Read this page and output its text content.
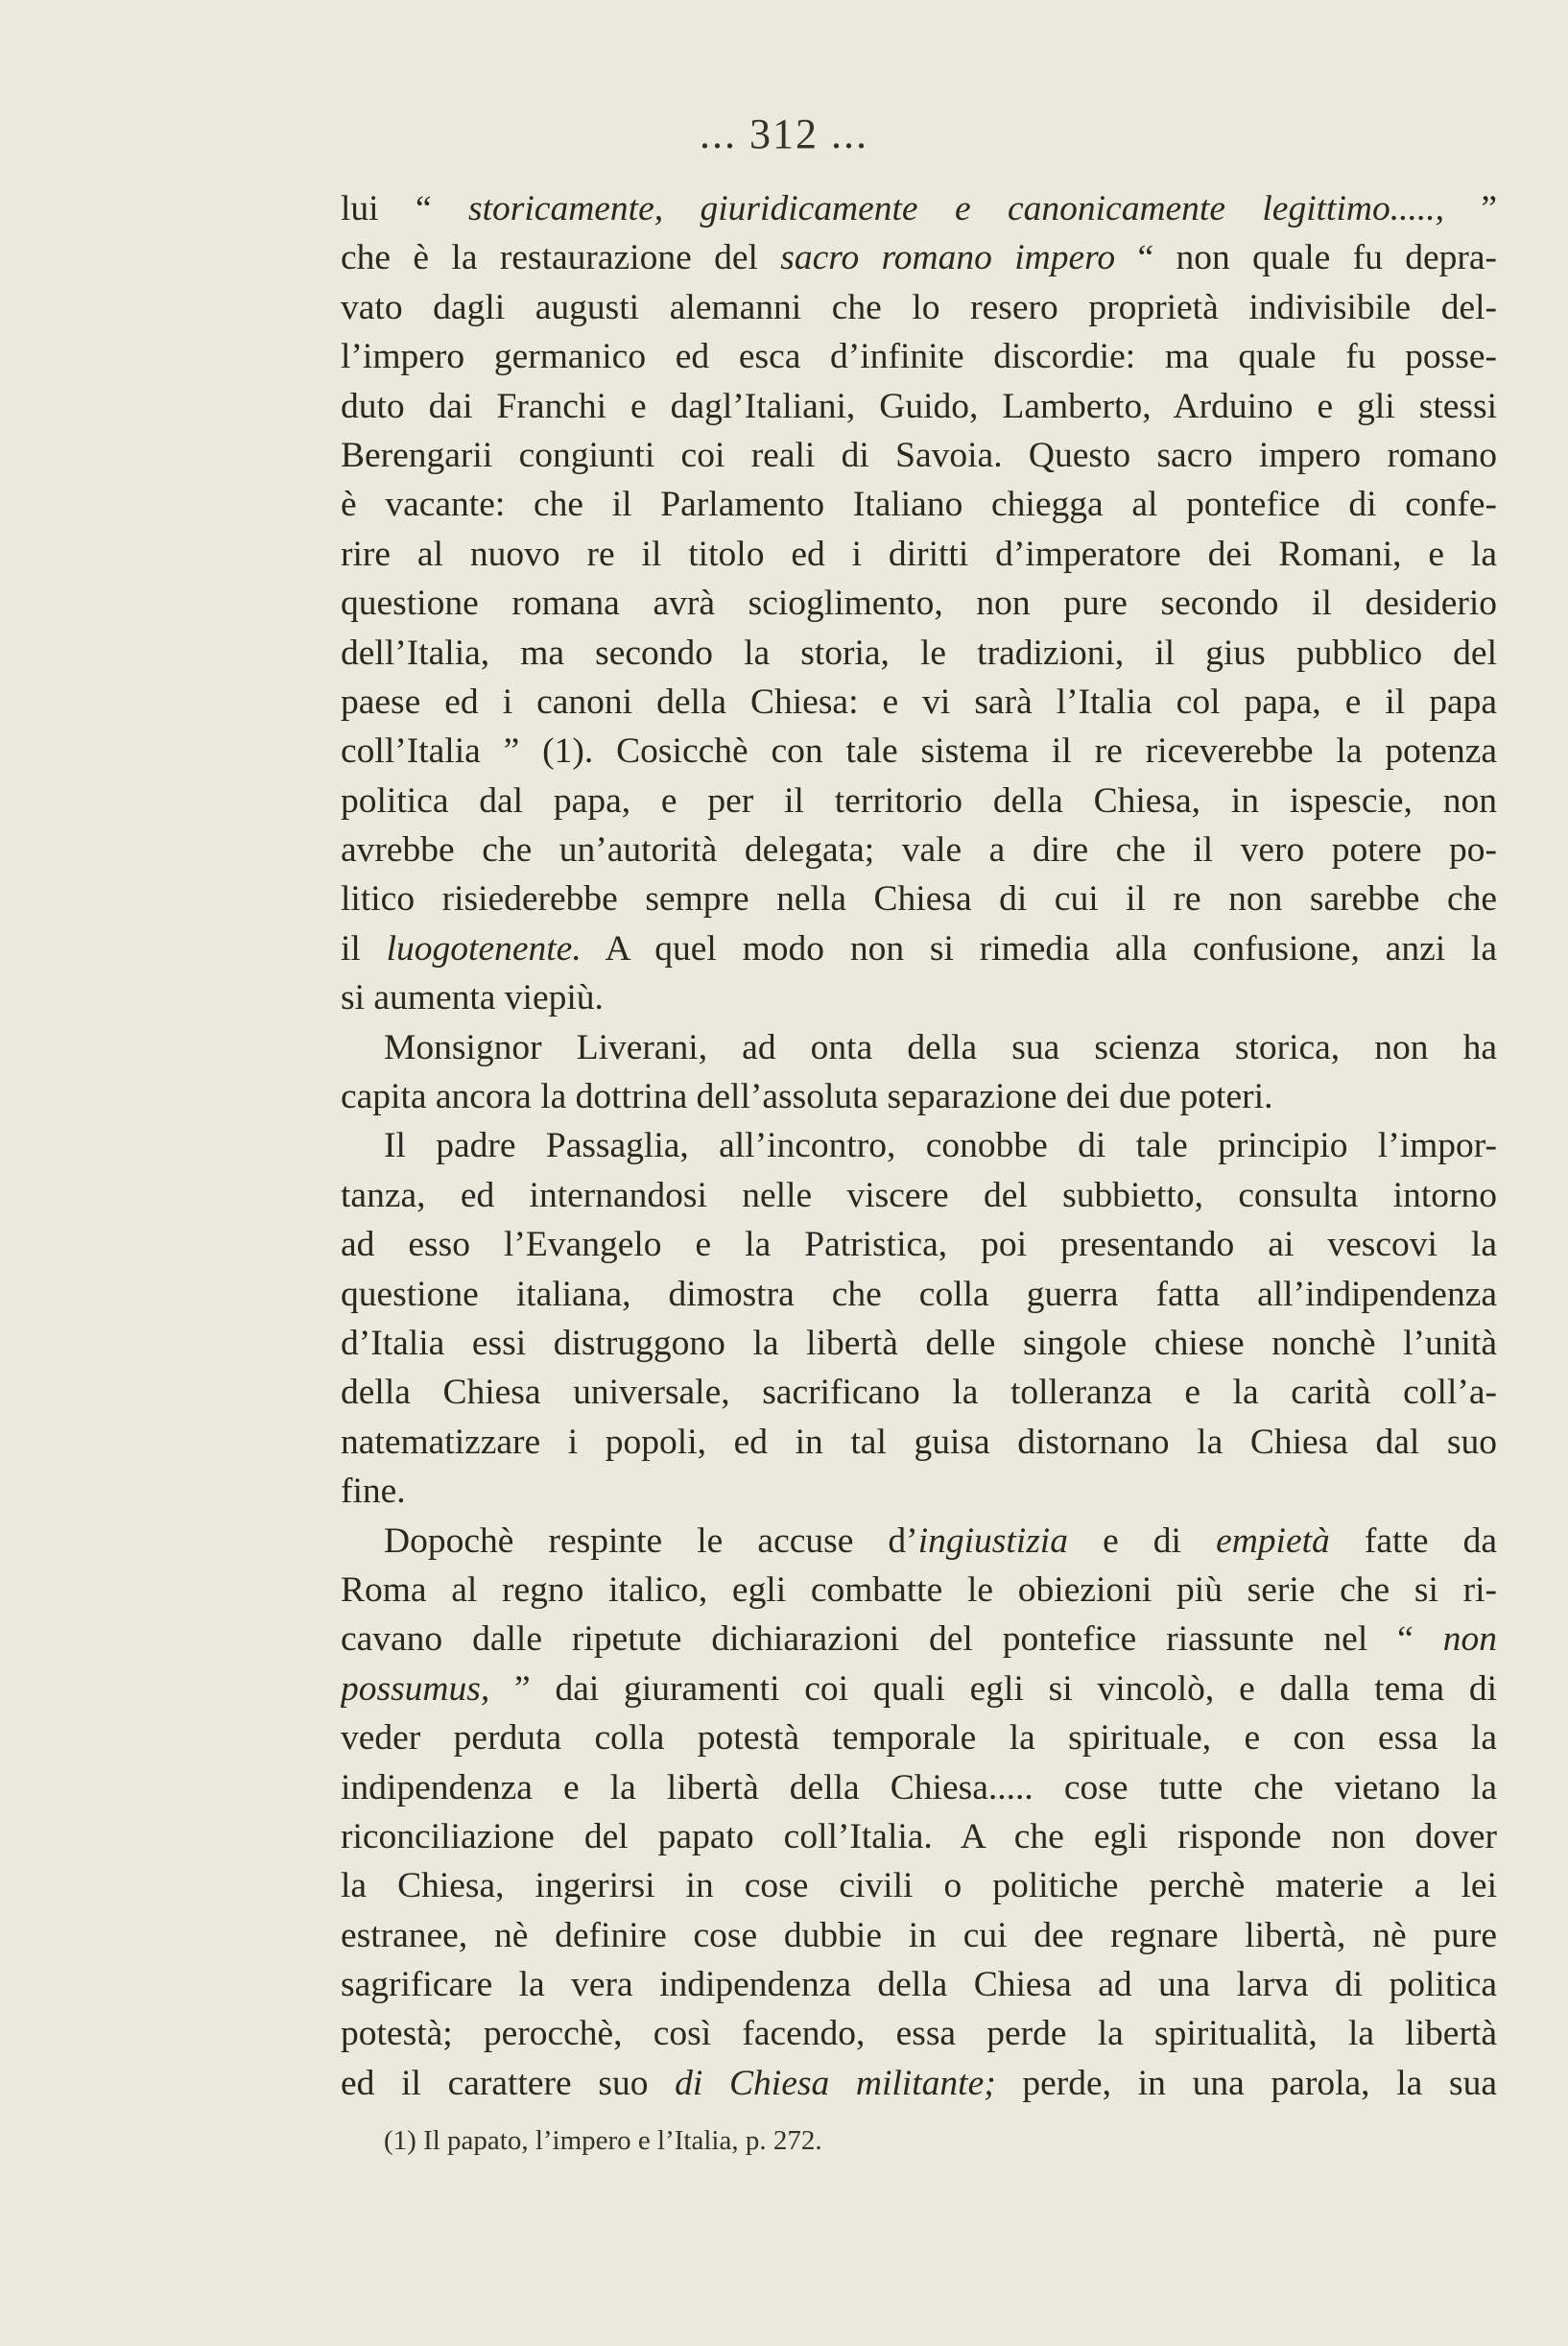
... 312 ...
lui “ storicamente, giuridicamente e canonicamente legittimo....., ”
che è la restaurazione del sacro romano impero “ non quale fu depra-
vato dagli augusti alemanni che lo resero proprietà indivisibile del-
l’impero germanico ed esca d’infinite discordie: ma quale fu posse-
duto dai Franchi e dagl’Italiani, Guido, Lamberto, Arduino e gli stessi
Berengarii congiunti coi reali di Savoia. Questo sacro impero romano
è vacante: che il Parlamento Italiano chiegga al pontefice di confe-
rire al nuovo re il titolo ed i diritti d’imperatore dei Romani, e la
questione romana avrà scioglimento, non pure secondo il desiderio
dell’Italia, ma secondo la storia, le tradizioni, il gius pubblico del
paese ed i canoni della Chiesa: e vi sarà l’Italia col papa, e il papa
coll’Italia ” (1). Cosicchè con tale sistema il re riceverebbe la potenza
politica dal papa, e per il territorio della Chiesa, in ispescie, non
avrebbe che un’autorità delegata; vale a dire che il vero potere po-
litico risiederebbe sempre nella Chiesa di cui il re non sarebbe che
il luogotenente. A quel modo non si rimedia alla confusione, anzi la
si aumenta viepiù.
Monsignor Liverani, ad onta della sua scienza storica, non ha
capita ancora la dottrina dell’assoluta separazione dei due poteri.
Il padre Passaglia, all’incontro, conobbe di tale principio l’impor-
tanza, ed internandosi nelle viscere del subbietto, consulta intorno
ad esso l’Evangelo e la Patristica, poi presentando ai vescovi la
questione italiana, dimostra che colla guerra fatta all’indipendenza
d’Italia essi distruggono la libertà delle singole chiese nonchè l’unità
della Chiesa universale, sacrificano la tolleranza e la carità coll’a-
natematizzare i popoli, ed in tal guisa distornano la Chiesa dal suo
fine.
Dopochè respinte le accuse d’ingiustizia e di empietà fatte da
Roma al regno italico, egli combatte le obiezioni più serie che si ri-
cavano dalle ripetute dichiarazioni del pontefice riassunte nel “ non
possumus, ” dai giuramenti coi quali egli si vincolò, e dalla tema di
veder perduta colla potestà temporale la spirituale, e con essa la
indipendenza e la libertà della Chiesa..... cose tutte che vietano la
riconciliazione del papato coll’Italia. A che egli risponde non dover
la Chiesa, ingerirsi in cose civili o politiche perchè materie a lei
estranee, nè definire cose dubbie in cui dee regnare libertà, nè pure
sagrificare la vera indipendenza della Chiesa ad una larva di politica
potestà; perocchè, così facendo, essa perde la spiritualità, la libertà
ed il carattere suo di Chiesa militante; perde, in una parola, la sua
(1) Il papato, l’impero e l’Italia, p. 272.
